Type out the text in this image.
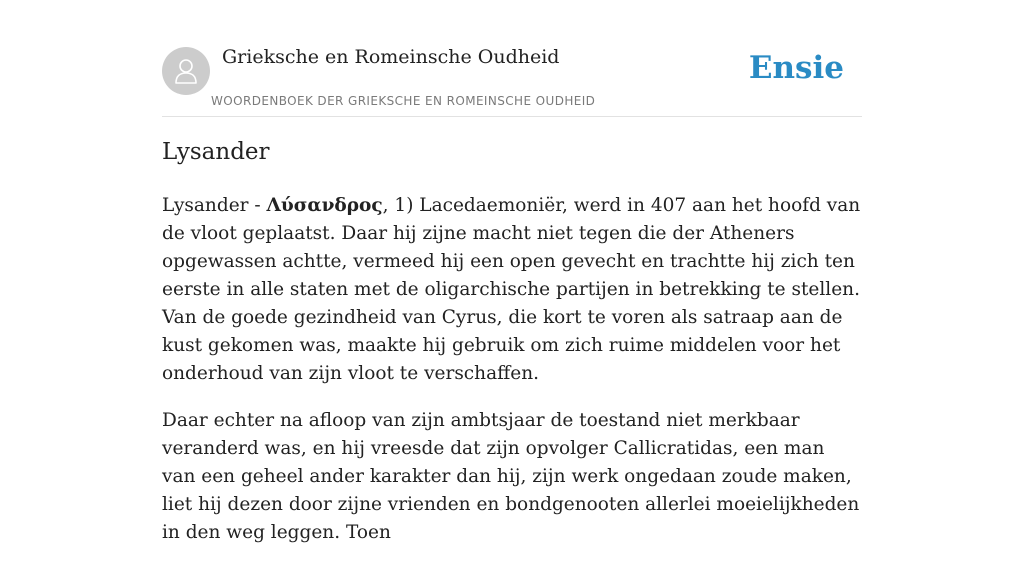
Grieksche en Romeinsche Oudheid
WOORDENBOEK DER GRIEKSCHE EN ROMEINSCHE OUDHEID
Ensie
Lysander

Lysander - Λύσανδρος, 1) Lacedaemoniër, werd in 407 aan het hoofd van de vloot geplaatst. Daar hij zijne macht niet tegen die der Atheners opgewassen achtte, vermeed hij een open gevecht en trachtte hij zich ten eerste in alle staten met de oligarchische partijen in betrekking te stellen. Van de goede gezindheid van Cyrus, die kort te voren als satraap aan de kust gekomen was, maakte hij gebruik om zich ruime middelen voor het onderhoud van zijn vloot te verschaffen.

Daar echter na afloop van zijn ambtsjaar de toestand niet merkbaar veranderd was, en hij vreesde dat zijn opvolger Callicratidas, een man van een geheel ander karakter dan hij, zijn werk ongedaan zoude maken, liet hij dezen door zijne vrienden en bondgenooten allerlei moeielijkheden in den weg leggen. Toen
